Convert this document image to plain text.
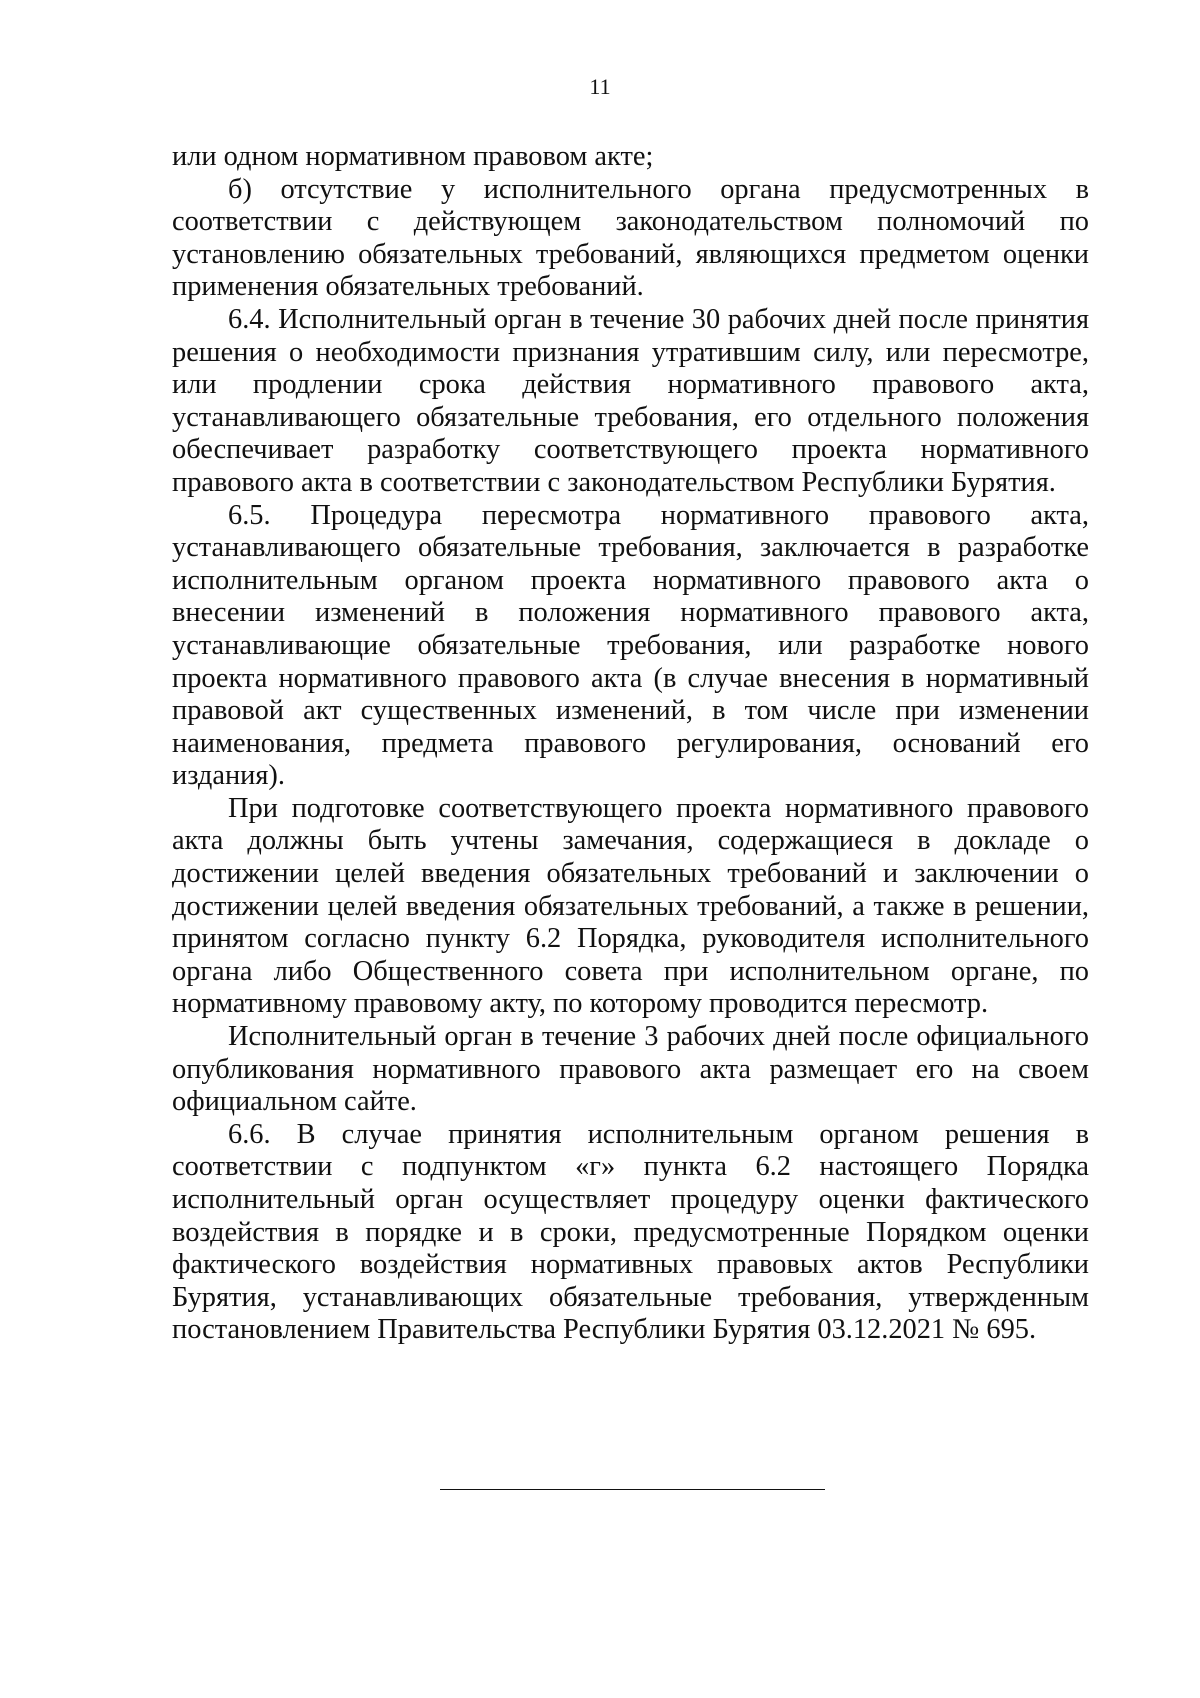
11

или одном нормативном правовом акте;

б) отсутствие у исполнительного органа предусмотренных в соответствии с действующем законодательством полномочий по установлению обязательных требований, являющихся предметом оценки применения обязательных требований.

6.4. Исполнительный орган в течение 30 рабочих дней после принятия решения о необходимости признания утратившим силу, или пересмотре, или продлении срока действия нормативного правового акта, устанавливающего обязательные требования, его отдельного положения обеспечивает разработку соответствующего проекта нормативного правового акта в соответствии с законодательством Республики Бурятия.

6.5. Процедура пересмотра нормативного правового акта, устанавливающего обязательные требования, заключается в разработке исполнительным органом проекта нормативного правового акта о внесении изменений в положения нормативного правового акта, устанавливающие обязательные требования, или разработке нового проекта нормативного правового акта (в случае внесения в нормативный правовой акт существенных изменений, в том числе при изменении наименования, предмета правового регулирования, оснований его издания).

При подготовке соответствующего проекта нормативного правового акта должны быть учтены замечания, содержащиеся в докладе о достижении целей введения обязательных требований и заключении о достижении целей введения обязательных требований, а также в решении, принятом согласно пункту 6.2 Порядка, руководителя исполнительного органа либо Общественного совета при исполнительном органе, по нормативному правовому акту, по которому проводится пересмотр.

Исполнительный орган в течение 3 рабочих дней после официального опубликования нормативного правового акта размещает его на своем официальном сайте.

6.6. В случае принятия исполнительным органом решения в соответствии с подпунктом «г» пункта 6.2 настоящего Порядка исполнительный орган осуществляет процедуру оценки фактического воздействия в порядке и в сроки, предусмотренные Порядком оценки фактического воздействия нормативных правовых актов Республики Бурятия, устанавливающих обязательные требования, утвержденным постановлением Правительства Республики Бурятия 03.12.2021 № 695.
